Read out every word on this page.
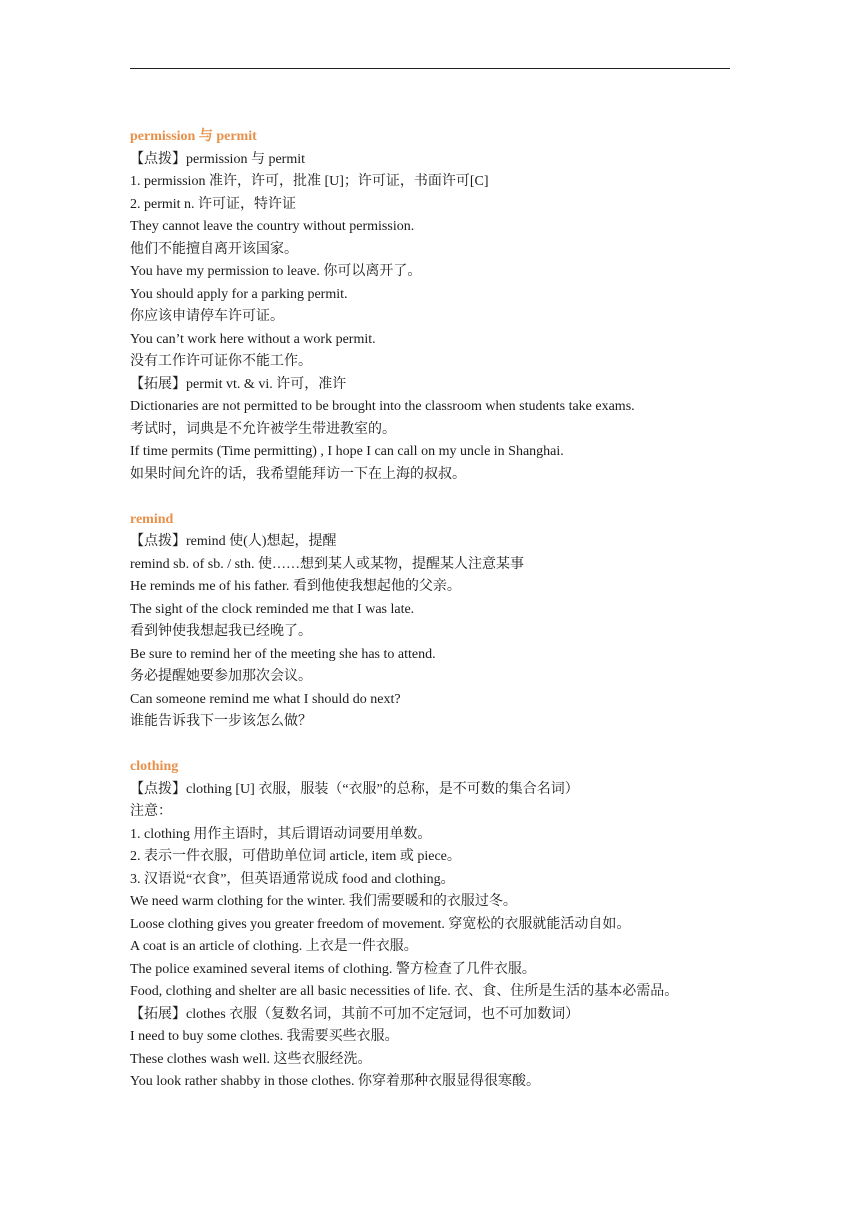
permission 与 permit
【点拨】permission 与 permit
1. permission 准许，许可，批准 [U]；许可证，书面许可[C]
2. permit n. 许可证，特许证
They cannot leave the country without permission.
他们不能擅自离开该国家。
You have my permission to leave. 你可以离开了。
You should apply for a parking permit.
你应该申请停车许可证。
You can’t work here without a work permit.
没有工作许可证你不能工作。
【拓展】permit vt. & vi. 许可，准许
Dictionaries are not permitted to be brought into the classroom when students take exams.
考试时，词典是不允许被学生带进教室的。
If time permits (Time permitting) , I hope I can call on my uncle in Shanghai.
如果时间允许的话，我希望能拜访一下在上海的叔叔。
remind
【点拨】remind 使(人)想起，提醒
remind sb. of sb. / sth. 使……想到某人或某物，提醒某人注意某事
He reminds me of his father. 看到他使我想起他的父亲。
The sight of the clock reminded me that I was late.
看到钟使我想起我已经晚了。
Be sure to remind her of the meeting she has to attend.
务必提醒她要参加那次会议。
Can someone remind me what I should do next?
谁能告诉我下一步该怎么做？
clothing
【点拨】clothing [U] 衣服，服装（“衣服”的总称，是不可数的集合名词）
注意：
1. clothing 用作主语时，其后谓语动词要用单数。
2. 表示一件衣服，可借助单位词 article, item 或 piece。
3. 汉语说“衣食”，但英语通常说成 food and clothing。
We need warm clothing for the winter. 我们需要暖和的衣服过冬。
Loose clothing gives you greater freedom of movement. 穿宽松的衣服就能活动自如。
A coat is an article of clothing. 上衣是一件衣服。
The police examined several items of clothing. 警方检查了几件衣服。
Food, clothing and shelter are all basic necessities of life. 衣、食、住所是生活的基本必需品。
【拓展】clothes 衣服（复数名词，其前不可加不定冠词，也不可加数词）
I need to buy some clothes. 我需要买些衣服。
These clothes wash well. 这些衣服经洗。
You look rather shabby in those clothes. 你穿着那种衣服显得很寒酸。
